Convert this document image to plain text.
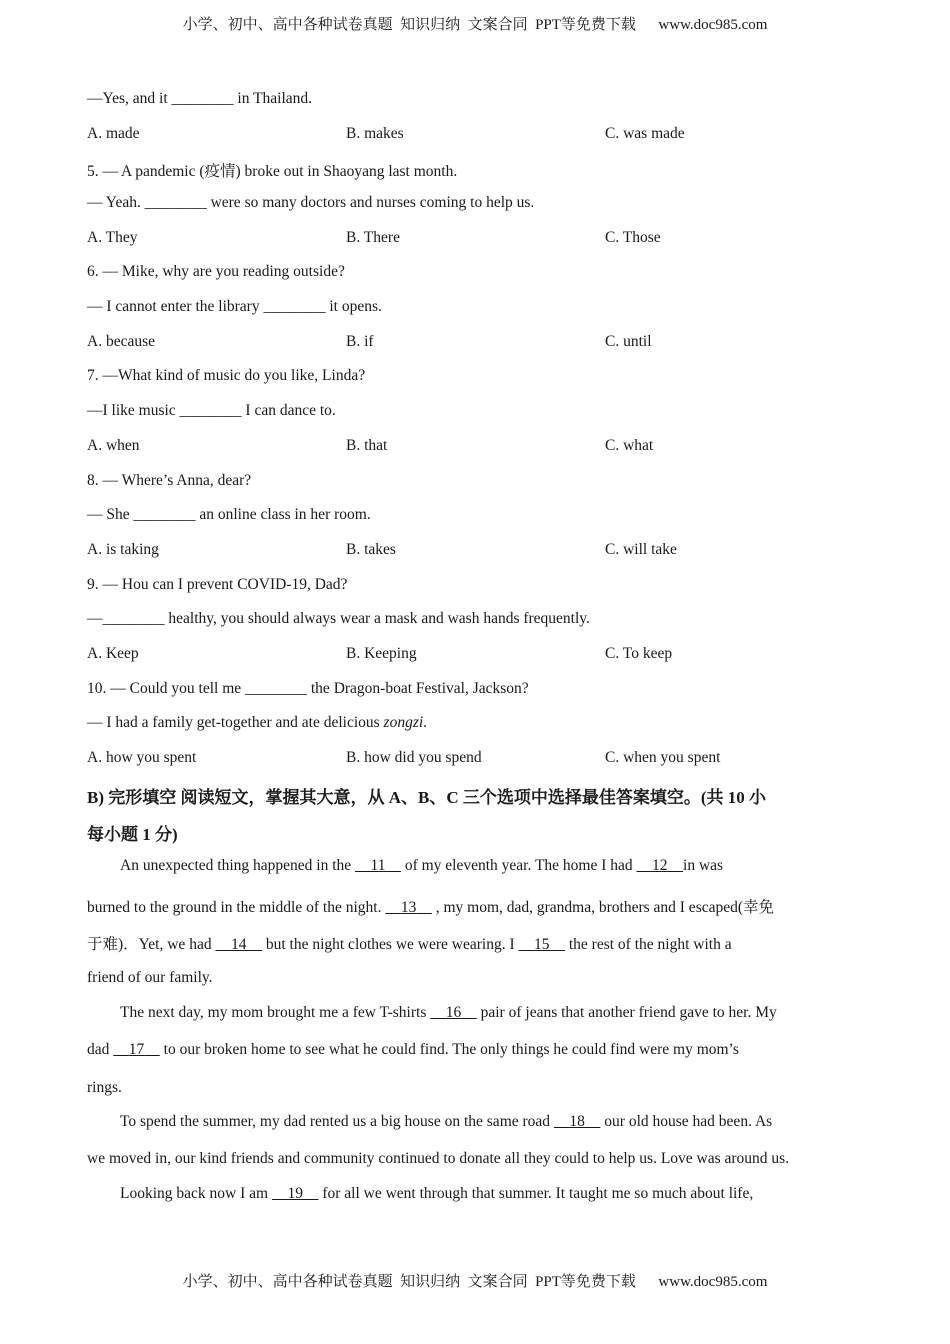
小学、初中、高中各种试卷真题  知识归纳  文案合同  PPT等免费下载      www.doc985.com
—Yes, and it ________ in Thailand.
A. made	B. makes	C. was made
5. — A pandemic (疫情) broke out in Shaoyang last month.
— Yeah. ________ were so many doctors and nurses coming to help us.
A. They	B. There	C. Those
6. — Mike, why are you reading outside?
— I cannot enter the library ________ it opens.
A. because	B. if	C. until
7. —What kind of music do you like, Linda?
—I like music ________ I can dance to.
A. when	B. that	C. what
8. — Where’s Anna, dear?
— She ________ an online class in her room.
A. is taking	B. takes	C. will take
9. — Hou can I prevent COVID-19, Dad?
—________ healthy, you should always wear a mask and wash hands frequently.
A. Keep	B. Keeping	C. To keep
10. — Could you tell me ________ the Dragon-boat Festival, Jackson?
— I had a family get-together and ate delicious zongzi.
A. how you spent	B. how did you spend	C. when you spent
B) 完形填空 阅读短文，掌握其大意，从 A、B、C 三个选项中选择最佳答案填空。(共 10 小
每小题 1 分)
An unexpected thing happened in the 11 of my eleventh year. The home I had 12 in was
burned to the ground in the middle of the night. 13 , my mom, dad, grandma, brothers and I escaped(幸免
于难)．Yet, we had 14 but the night clothes we were wearing. I 15 the rest of the night with a
friend of our family.
The next day, my mom brought me a few T-shirts 16 pair of jeans that another friend gave to her. My
dad 17 to our broken home to see what he could find. The only things he could find were my mom’s
rings.
To spend the summer, my dad rented us a big house on the same road 18 our old house had been. As
we moved in, our kind friends and community continued to donate all they could to help us. Love was around us.
Looking back now I am 19 for all we went through that summer. It taught me so much about life,
小学、初中、高中各种试卷真题  知识归纳  文案合同  PPT等免费下载      www.doc985.com
